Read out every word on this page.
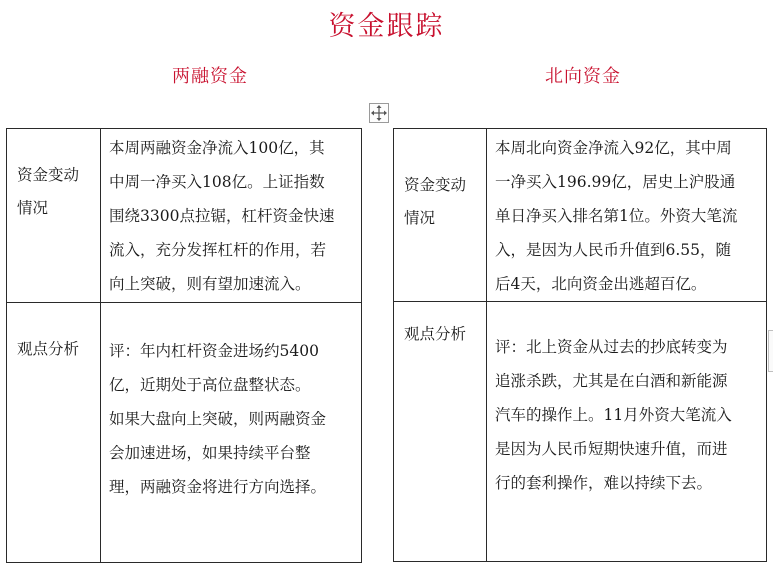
资金跟踪
两融资金	北向资金
资金变动情况	本周两融资金净流入100亿，其
中周一净买入108亿。上证指数
围绕3300点拉锯，杠杆资金快速
流入，充分发挥杠杆的作用，若
向上突破，则有望加速流入。

观点分析	评：年内杠杆资金进场约5400
亿，近期处于高位盘整状态。
如果大盘向上突破，则两融资金
会加速进场，如果持续平台整
理，两融资金将进行方向选择。
资金变动情况	本周北向资金净流入92亿，其中周
一净买入196.99亿，居史上沪股通
单日净买入排名第1位。外资大笔流
入，是因为人民币升值到6.55，随
后4天，北向资金出逃超百亿。

观点分析	评：北上资金从过去的抄底转变为
追涨杀跌，尤其是在白酒和新能源
汽车的操作上。11月外资大笔流入
是因为人民币短期快速升值，而进
行的套利操作，难以持续下去。
